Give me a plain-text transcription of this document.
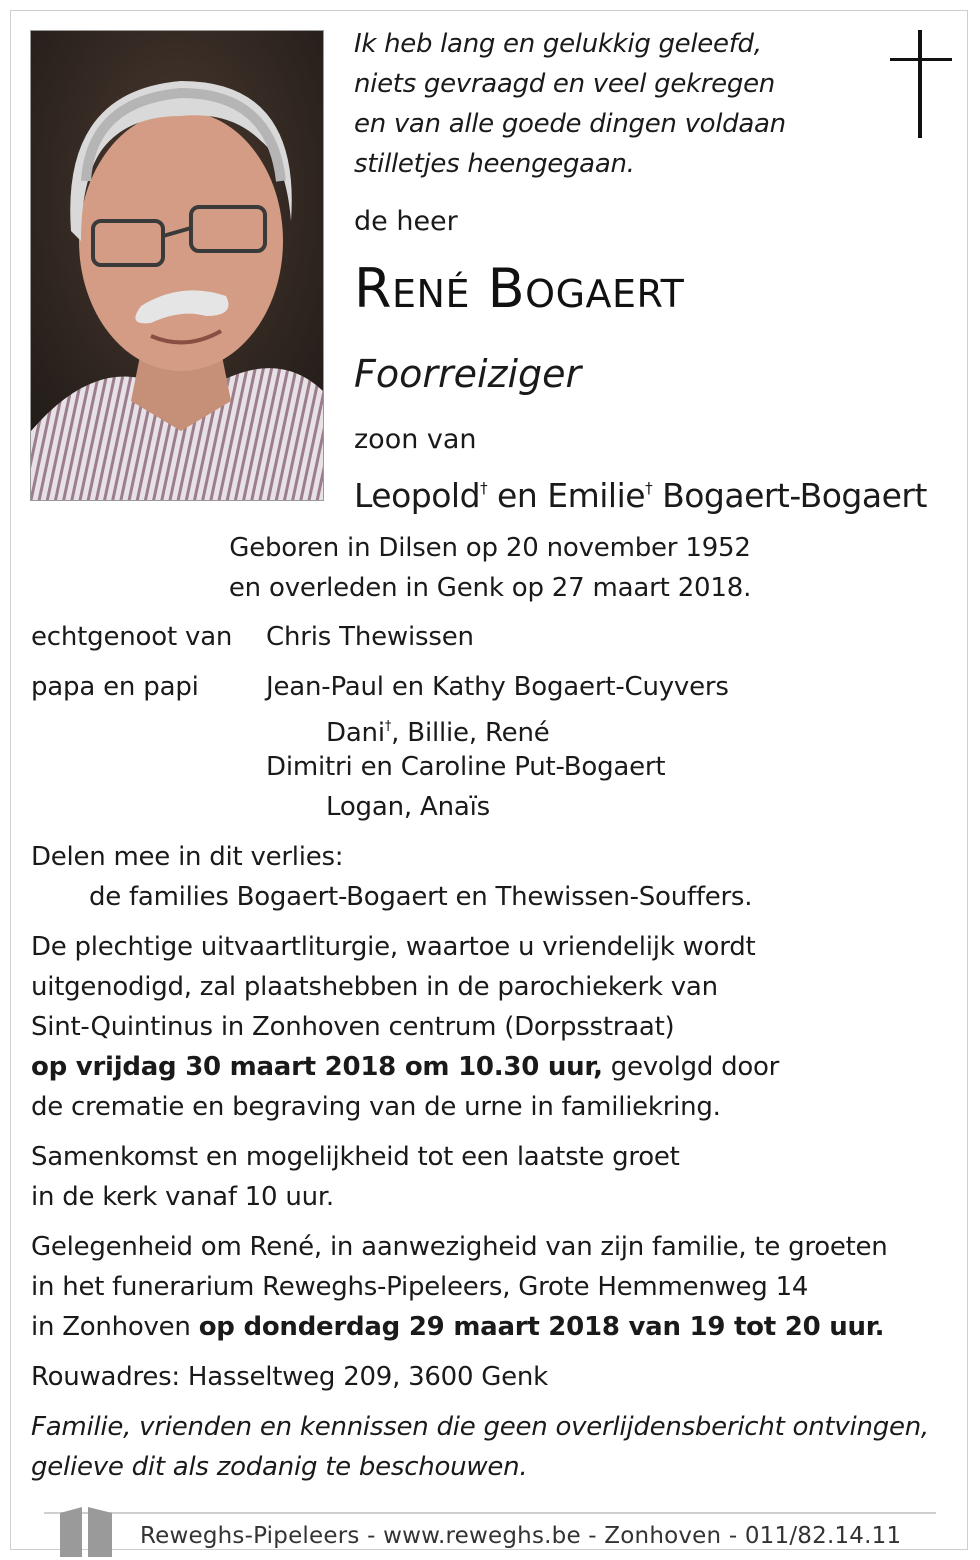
Ik heb lang en gelukkig geleefd,
niets gevraagd en veel gekregen
en van alle goede dingen voldaan
stilletjes heengegaan.
de heer
René Bogaert
Foorreiziger
zoon van
Leopold† en Emilie† Bogaert-Bogaert
Geboren in Dilsen op 20 november 1952
en overleden in Genk op 27 maart 2018.
echtgenoot van Chris Thewissen
papa en papi	Jean-Paul en Kathy Bogaert-Cuyvers
Dani†, Billie, René
Dimitri en Caroline Put-Bogaert
Logan, Anaïs
Delen mee in dit verlies:
de families Bogaert-Bogaert en Thewissen-Souffers.
De plechtige uitvaartliturgie, waartoe u vriendelijk wordt
uitgenodigd, zal plaatshebben in de parochiekerk van
Sint-Quintinus in Zonhoven centrum (Dorpsstraat)
op vrijdag 30 maart 2018 om 10.30 uur, gevolgd door
de crematie en begraving van de urne in familiekring.
Samenkomst en mogelijkheid tot een laatste groet
in de kerk vanaf 10 uur.
Gelegenheid om René, in aanwezigheid van zijn familie, te groeten
in het funerarium Reweghs-Pipeleers, Grote Hemmenweg 14
in Zonhoven op donderdag 29 maart 2018 van 19 tot 20 uur.
Rouwadres: Hasseltweg 209, 3600 Genk
Familie, vrienden en kennissen die geen overlijdensbericht ontvingen,
gelieve dit als zodanig te beschouwen.
Reweghs-Pipeleers - www.reweghs.be - Zonhoven - 011/82.14.11
